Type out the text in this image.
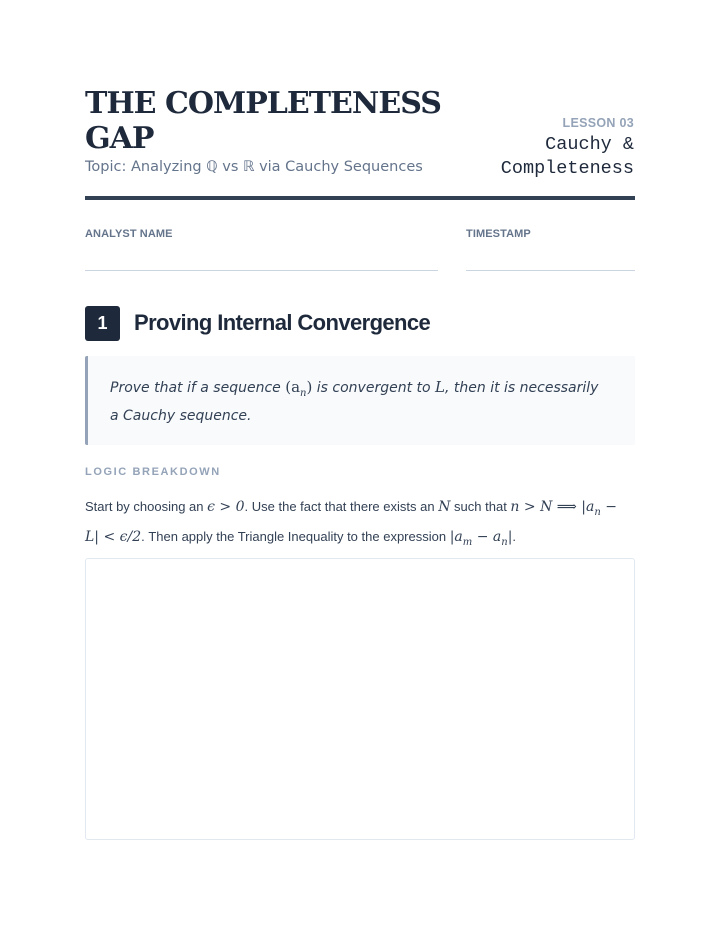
THE COMPLETENESS GAP

Topic: Analyzing ℚ vs ℝ via Cauchy Sequences

LESSON 03
Cauchy &
Completeness
ANALYST NAME	TIMESTAMP
1	Proving Internal Convergence
Prove that if a sequence $(a_n)$ is convergent to L, then it is necessarily a Cauchy sequence.
LOGIC BREAKDOWN

Start by choosing an ϵ > 0. Use the fact that there exists an N such that n > N ⟹ $|a_n - L| < \epsilon/2$. Then apply the Triangle Inequality to the expression $|a_m - a_n|$.
